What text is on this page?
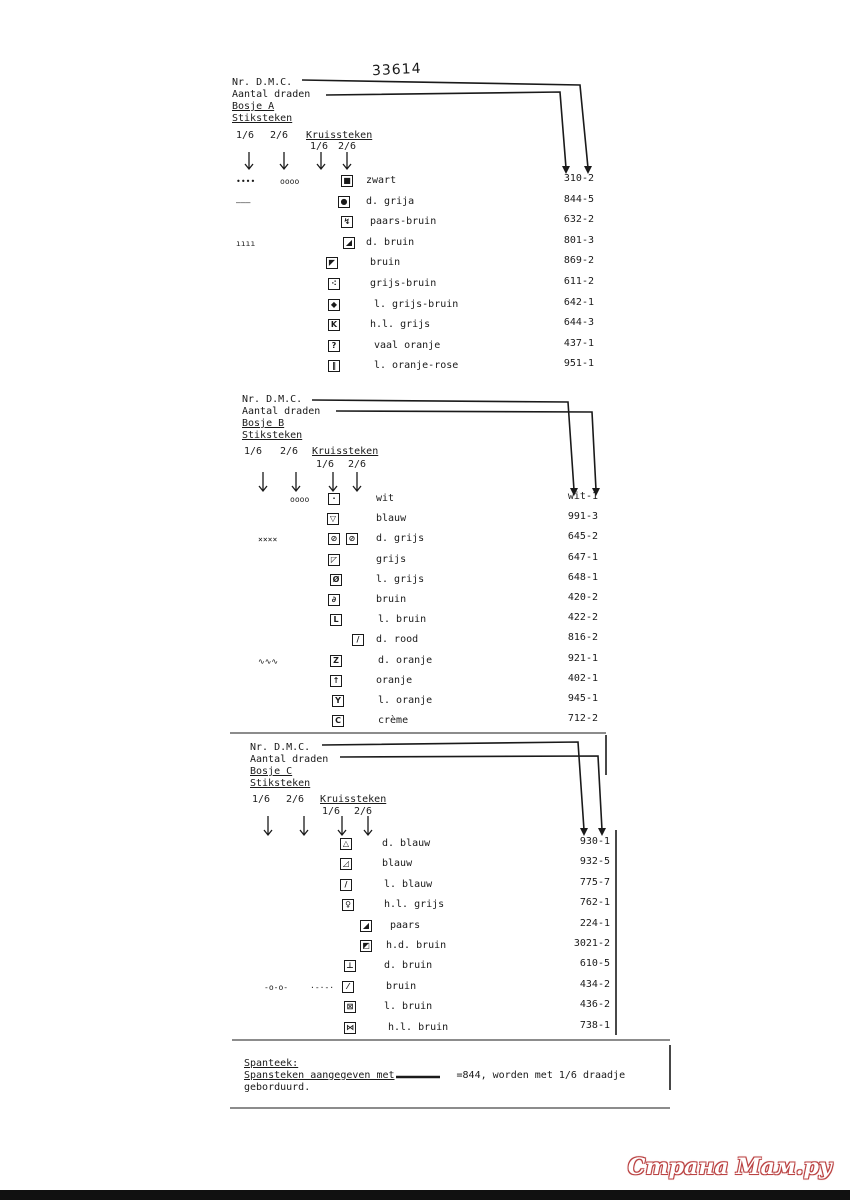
33614
Nr. D.M.C.
Aantal draden
Bosje A
Stiksteken
1/6 2/6 Kruissteken
1/6 2/6
••••	oooo	■ zwart	310-2
———	● d. grija	844-5
↯ paars-bruin	632-2
ıııı	◢ d. bruin	801-3
◤	bruin	869-2
⁖	grijs-bruin	611-2
◆	l. grijs-bruin	642-1
K	h.l. grijs	644-3
?	vaal oranje	437-1
‖	l. oranje-rose	951-1
Nr. D.M.C.
Aantal draden
Bosje B
Stiksteken
1/6 2/6 Kruissteken
1/6 2/6
oooo	·	wit	wit-1
▽	blauw	991-3
××××	⊘	⊘ d. grijs	645-2
◸	grijs	647-1
Ø	l. grijs	648-1
∂	bruin	420-2
L	l. bruin	422-2
/	d. rood	816-2
∿∿∿	Z	d. oranje	921-1
↑	oranje	402-1
Y	l. oranje	945-1
C	crème	712-2
Nr. D.M.C.
Aantal draden
Bosje C
Stiksteken
1/6 2/6 Kruissteken
1/6 2/6
△	d. blauw	930-1
◿	blauw	932-5
/	l. blauw	775-7
♀	h.l. grijs	762-1
◢ paars	224-1
◩ h.d. bruin	3021-2
⊥	d. bruin	610-5
-o-o-	·-·-·	⁄	bruin	434-2
⊠	l. bruin	436-2
⋈	h.l. bruin	738-1
Spanteek:
Spansteken aangegeven met	=844, worden met 1/6 draadje
geborduurd.
Страна Мам.ру
